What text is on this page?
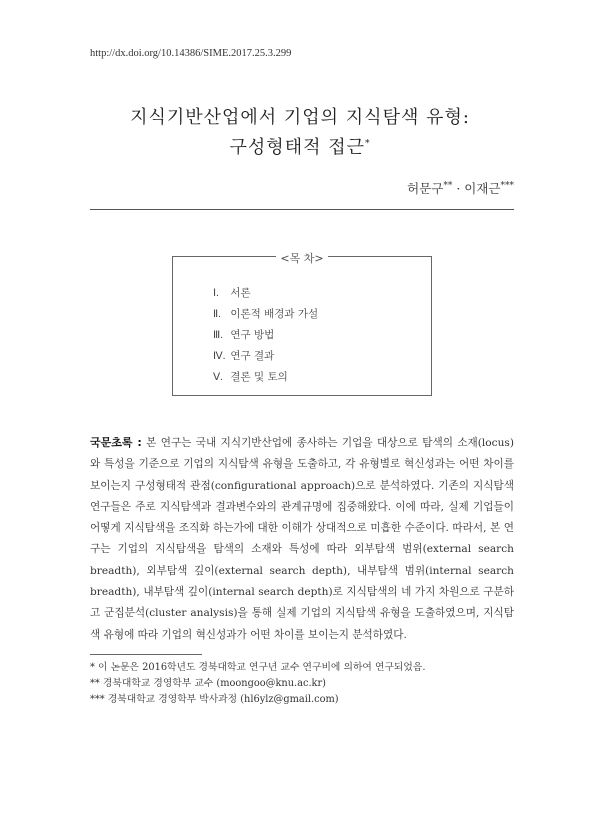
http://dx.doi.org/10.14386/SIME.2017.25.3.299
지식기반산업에서 기업의 지식탐색 유형:
구성형태적 접근*
허문구** · 이재근***
<목 차>
Ⅰ. 서론
Ⅱ. 이론적 배경과 가설
Ⅲ. 연구 방법
Ⅳ. 연구 결과
Ⅴ. 결론 및 토의
국문초록 : 본 연구는 국내 지식기반산업에 종사하는 기업을 대상으로 탐색의 소재(locus)와 특성을 기준으로 기업의 지식탐색 유형을 도출하고, 각 유형별로 혁신성과는 어떤 차이를 보이는지 구성형태적 관점(configurational approach)으로 분석하였다. 기존의 지식탐색 연구들은 주로 지식탐색과 결과변수와의 관계규명에 집중해왔다. 이에 따라, 실제 기업들이 어떻게 지식탐색을 조직화 하는가에 대한 이해가 상대적으로 미흡한 수준이다. 따라서, 본 연구는 기업의 지식탐색을 탐색의 소재와 특성에 따라 외부탐색 범위(external search breadth), 외부탐색 깊이(external search depth), 내부탐색 범위(internal search breadth), 내부탐색 깊이(internal search depth)로 지식탐색의 네 가지 차원으로 구분하고 군집분석(cluster analysis)을 통해 실제 기업의 지식탐색 유형을 도출하였으며, 지식탐색 유형에 따라 기업의 혁신성과가 어떤 차이를 보이는지 분석하였다.
* 이 논문은 2016학년도 경북대학교 연구년 교수 연구비에 의하여 연구되었음.
** 경북대학교 경영학부 교수 (moongoo@knu.ac.kr)
*** 경북대학교 경영학부 박사과정 (hl6ylz@gmail.com)
